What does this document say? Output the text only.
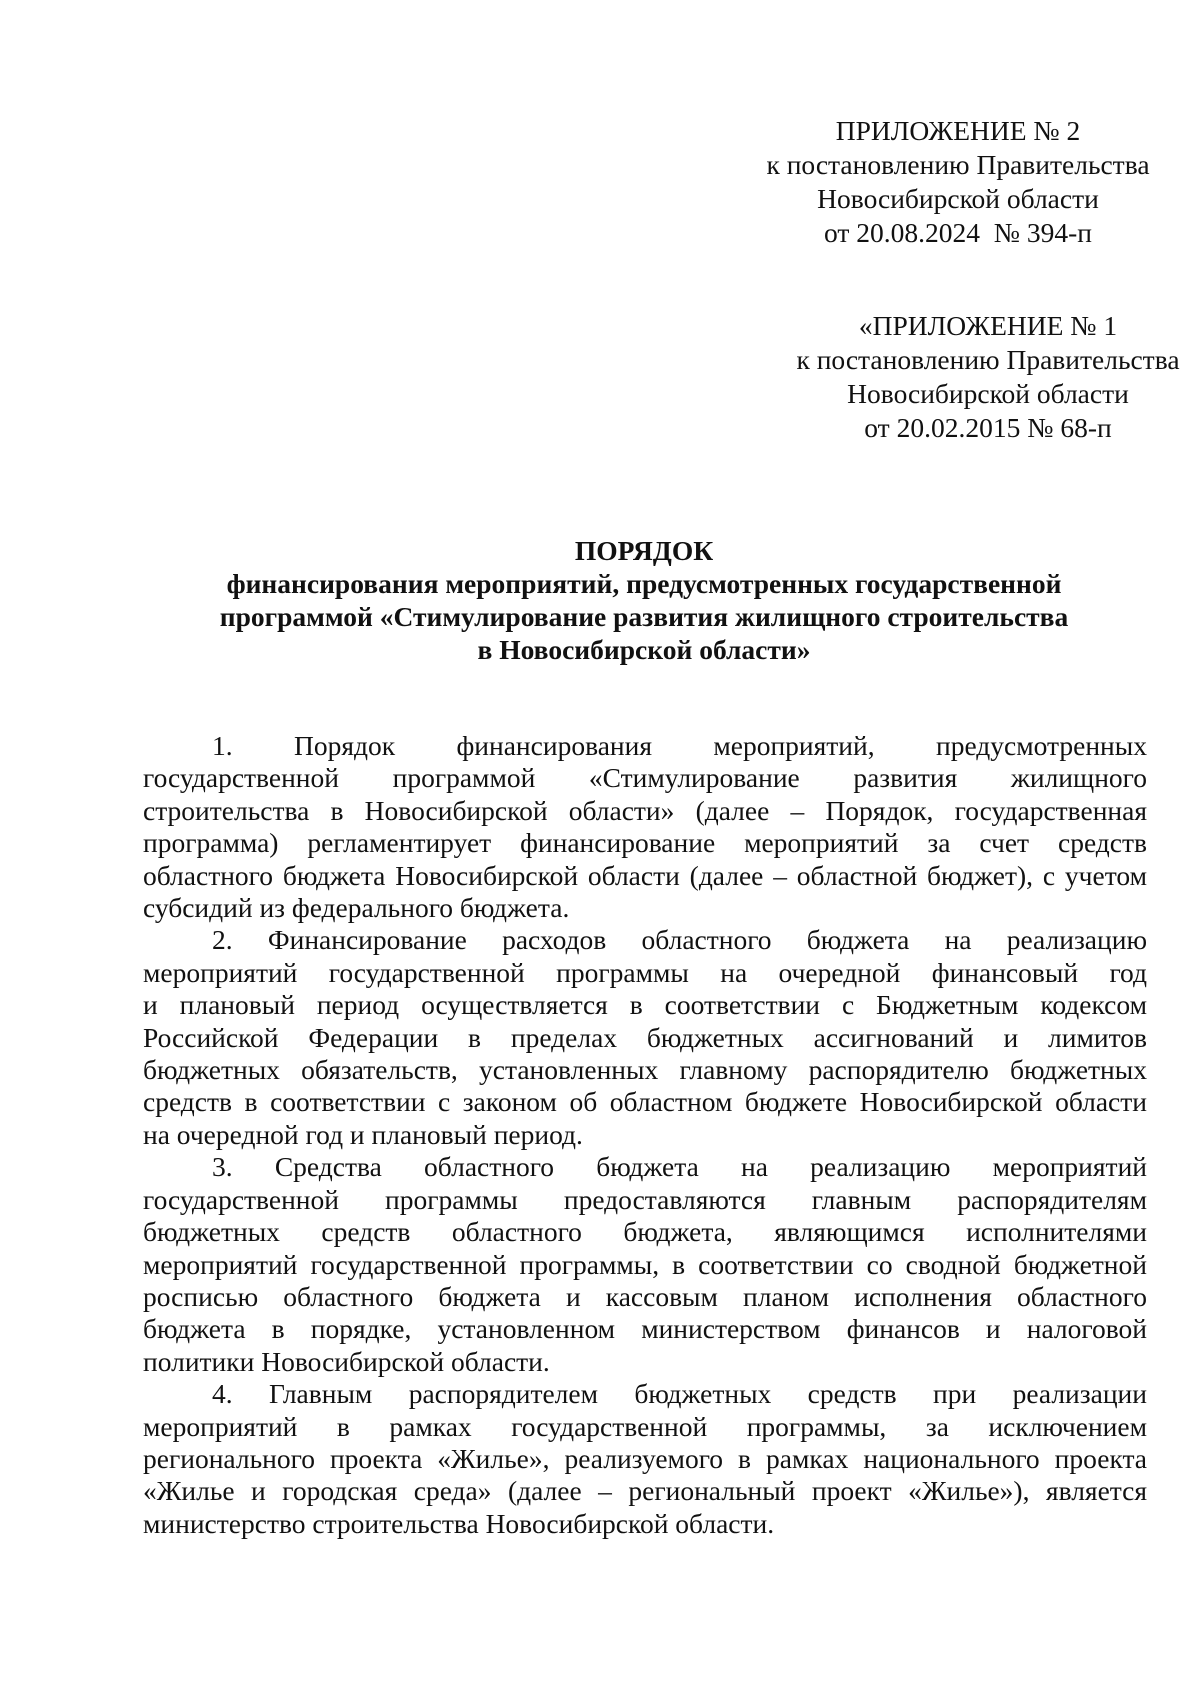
ПРИЛОЖЕНИЕ № 2
к постановлению Правительства
Новосибирской области
от 20.08.2024  № 394-п
«ПРИЛОЖЕНИЕ № 1
к постановлению Правительства
Новосибирской области
от 20.02.2015 № 68-п
ПОРЯДОК
финансирования мероприятий, предусмотренных государственной
программой «Стимулирование развития жилищного строительства
в Новосибирской области»
1. Порядок финансирования мероприятий, предусмотренных
государственной программой «Стимулирование развития жилищного
строительства в Новосибирской области» (далее – Порядок, государственная
программа) регламентирует финансирование мероприятий за счет средств
областного бюджета Новосибирской области (далее – областной бюджет), с учетом
субсидий из федерального бюджета.
2. Финансирование расходов областного бюджета на реализацию
мероприятий государственной программы на очередной финансовый год
и плановый период осуществляется в соответствии с Бюджетным кодексом
Российской Федерации в пределах бюджетных ассигнований и лимитов
бюджетных обязательств, установленных главному распорядителю бюджетных
средств в соответствии с законом об областном бюджете Новосибирской области
на очередной год и плановый период.
3. Средства областного бюджета на реализацию мероприятий
государственной программы предоставляются главным распорядителям
бюджетных средств областного бюджета, являющимся исполнителями
мероприятий государственной программы, в соответствии со сводной бюджетной
росписью областного бюджета и кассовым планом исполнения областного
бюджета в порядке, установленном министерством финансов и налоговой
политики Новосибирской области.
4. Главным распорядителем бюджетных средств при реализации
мероприятий в рамках государственной программы, за исключением
регионального проекта «Жилье», реализуемого в рамках национального проекта
«Жилье и городская среда» (далее – региональный проект «Жилье»), является
министерство строительства Новосибирской области.
